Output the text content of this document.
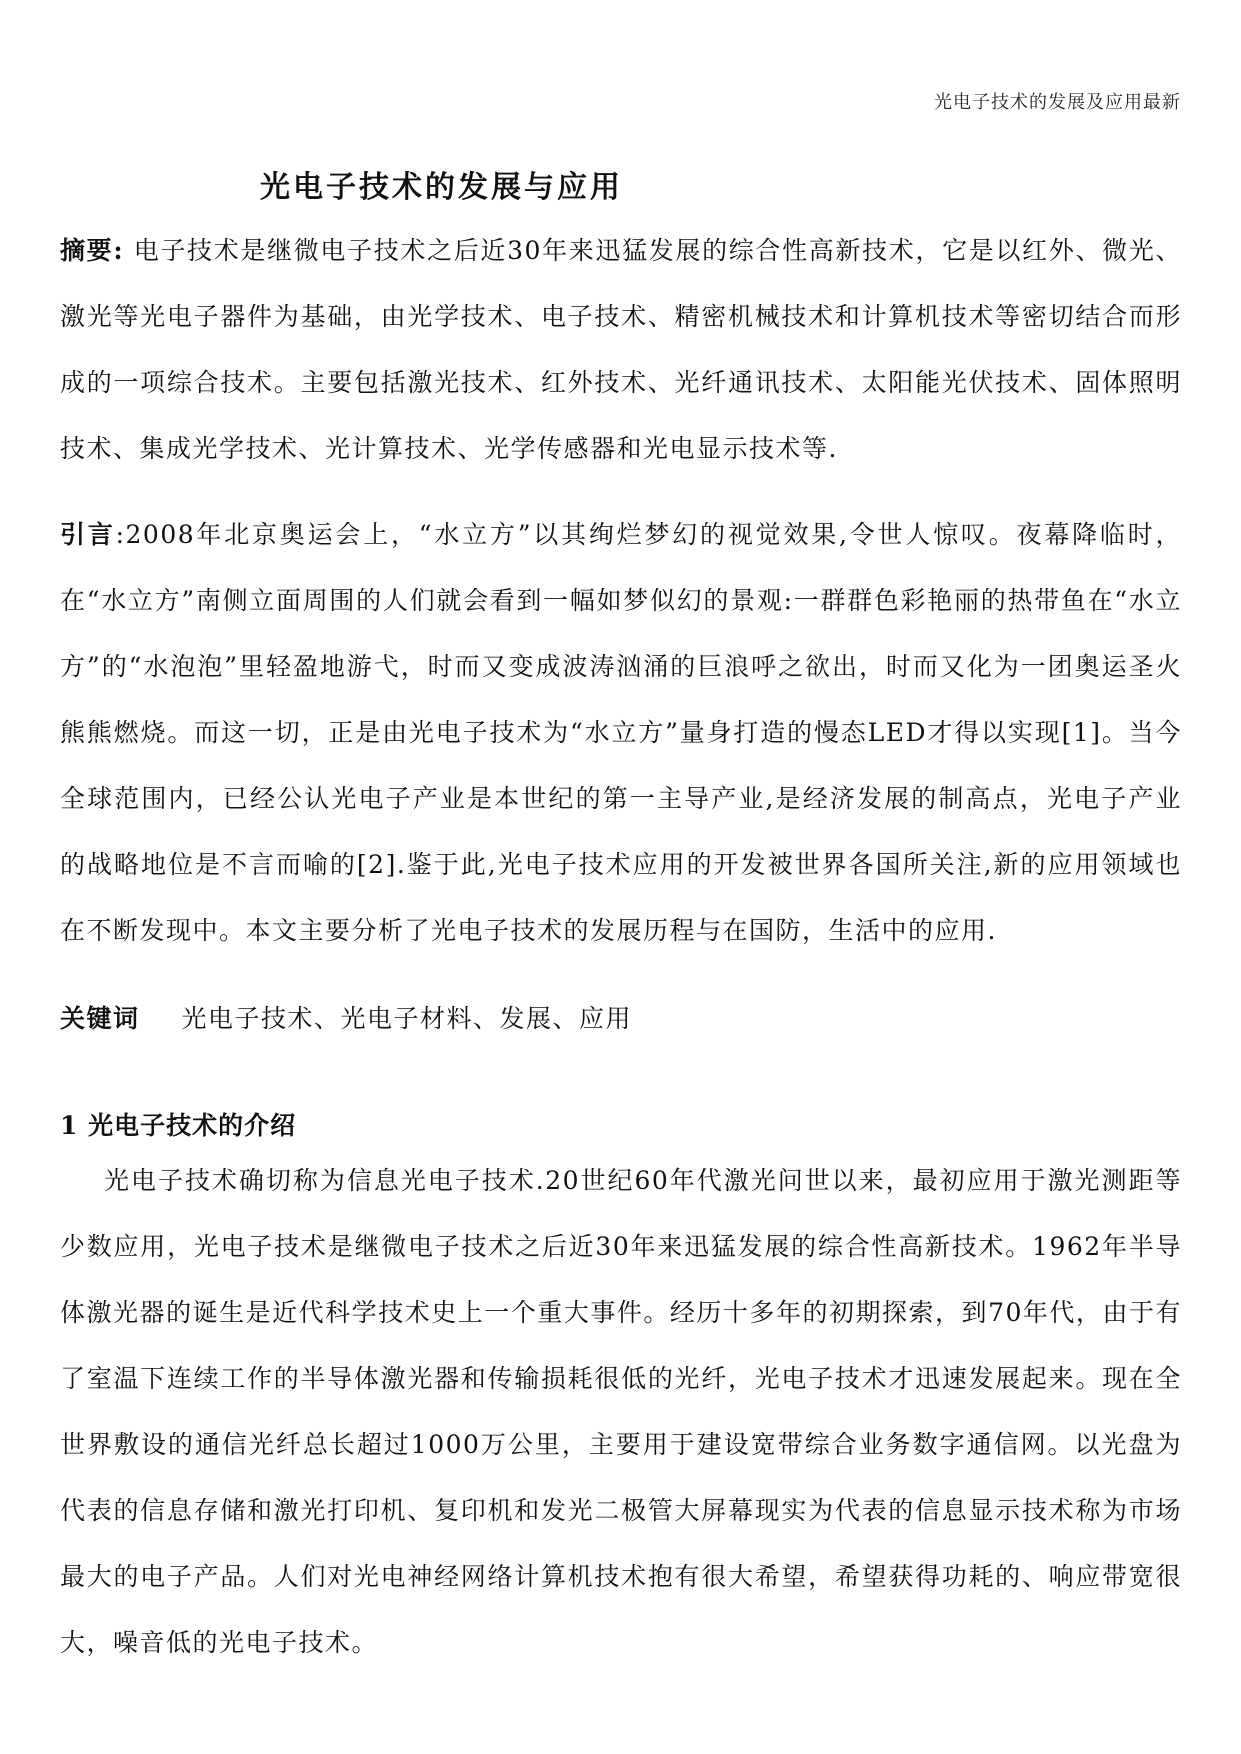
光电子技术的发展及应用最新
光电子技术的发展与应用

摘要: 电子技术是继微电子技术之后近30年来迅猛发展的综合性高新技术，它是以红外、微光、激光等光电子器件为基础，由光学技术、电子技术、精密机械技术和计算机技术等密切结合而形成的一项综合技术。主要包括激光技术、红外技术、光纤通讯技术、太阳能光伏技术、固体照明技术、集成光学技术、光计算技术、光学传感器和光电显示技术等.

引言:2008年北京奥运会上，“水立方”以其绚烂梦幻的视觉效果,令世人惊叹。夜幕降临时，在“水立方”南侧立面周围的人们就会看到一幅如梦似幻的景观:一群群色彩艳丽的热带鱼在“水立方”的“水泡泡”里轻盈地游弋，时而又变成波涛汹涌的巨浪呼之欲出，时而又化为一团奥运圣火熊熊燃烧。而这一切，正是由光电子技术为“水立方”量身打造的慢态LED才得以实现[1]。当今全球范围内，已经公认光电子产业是本世纪的第一主导产业,是经济发展的制高点，光电子产业的战略地位是不言而喻的[2].鉴于此,光电子技术应用的开发被世界各国所关注,新的应用领域也在不断发现中。本文主要分析了光电子技术的发展历程与在国防，生活中的应用.

关键词 光电子技术、光电子材料、发展、应用

1 光电子技术的介绍

光电子技术确切称为信息光电子技术.20世纪60年代激光问世以来，最初应用于激光测距等少数应用，光电子技术是继微电子技术之后近30年来迅猛发展的综合性高新技术。1962年半导体激光器的诞生是近代科学技术史上一个重大事件。经历十多年的初期探索，到70年代，由于有了室温下连续工作的半导体激光器和传输损耗很低的光纤，光电子技术才迅速发展起来。现在全世界敷设的通信光纤总长超过1000万公里，主要用于建设宽带综合业务数字通信网。以光盘为代表的信息存储和激光打印机、复印机和发光二极管大屏幕现实为代表的信息显示技术称为市场最大的电子产品。人们对光电神经网络计算机技术抱有很大希望，希望获得功耗的、响应带宽很大，噪音低的光电子技术。
